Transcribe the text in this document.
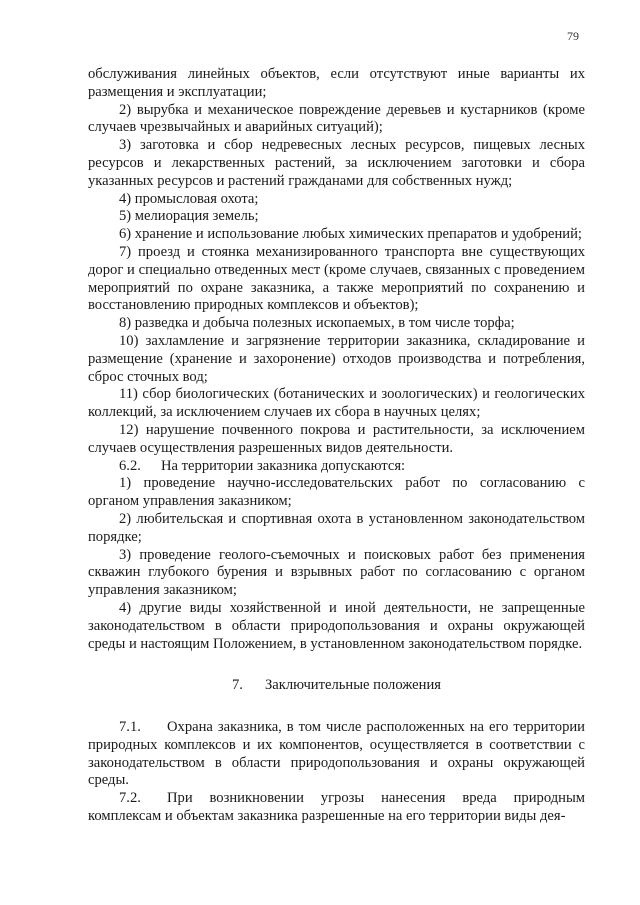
79

обслуживания линейных объектов, если отсутствуют иные варианты их размещения и эксплуатации;

2) вырубка и механическое повреждение деревьев и кустарников (кроме случаев чрезвычайных и аварийных ситуаций);

3) заготовка и сбор недревесных лесных ресурсов, пищевых лесных ресурсов и лекарственных растений, за исключением заготовки и сбора указанных ресурсов и растений гражданами для собственных нужд;

4) промысловая охота;

5) мелиорация земель;

6) хранение и использование любых химических препаратов и удобрений;

7) проезд и стоянка механизированного транспорта вне существующих дорог и специально отведенных мест (кроме случаев, связанных с проведением мероприятий по охране заказника, а также мероприятий по сохранению и восстановлению природных комплексов и объектов);

8) разведка и добыча полезных ископаемых, в том числе торфа;

10) захламление и загрязнение территории заказника, складирование и размещение (хранение и захоронение) отходов производства и потребления, сброс сточных вод;

11) сбор биологических (ботанических и зоологических) и геологических коллекций, за исключением случаев их сбора в научных целях;

12) нарушение почвенного покрова и растительности, за исключением случаев осуществления разрешенных видов деятельности.

6.2. На территории заказника допускаются:

1) проведение научно-исследовательских работ по согласованию с органом управления заказником;

2) любительская и спортивная охота в установленном законодательством порядке;

3) проведение геолого-съемочных и поисковых работ без применения скважин глубокого бурения и взрывных работ по согласованию с органом управления заказником;

4) другие виды хозяйственной и иной деятельности, не запрещенные законодательством в области природопользования и охраны окружающей среды и настоящим Положением, в установленном законодательством порядке.

7. Заключительные положения

7.1. Охрана заказника, в том числе расположенных на его территории природных комплексов и их компонентов, осуществляется в соответствии с законодательством в области природопользования и охраны окружающей среды.

7.2. При возникновении угрозы нанесения вреда природным комплексам и объектам заказника разрешенные на его территории виды дея-
